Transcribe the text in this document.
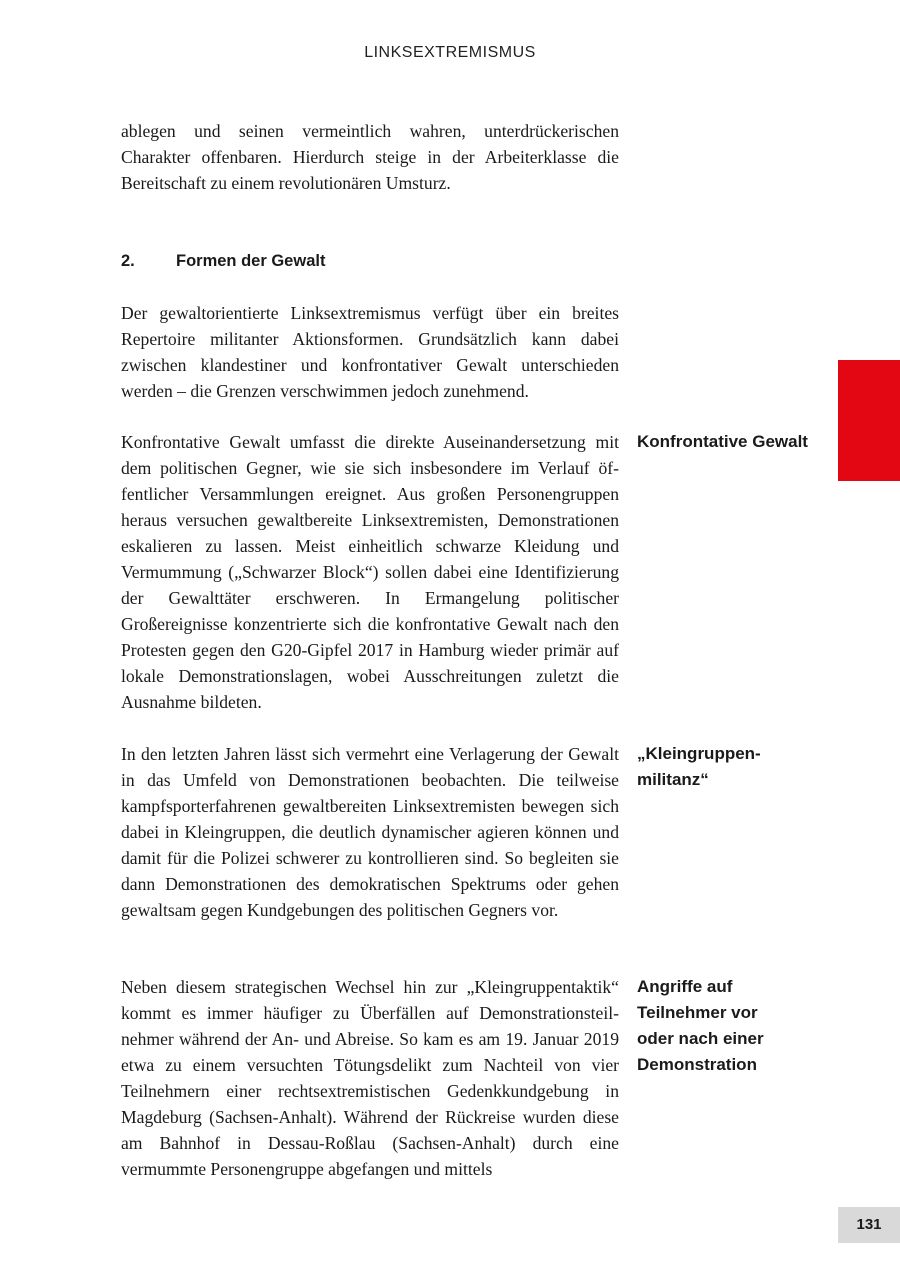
LINKSEXTREMISMUS

ablegen und seinen vermeintlich wahren, unterdrückerischen Charakter offenbaren. Hierdurch steige in der Arbeiterklasse die Bereitschaft zu einem revolutionären Umsturz.

2. Formen der Gewalt

Der gewaltorientierte Linksextremismus verfügt über ein breites Repertoire militanter Aktionsformen. Grundsätzlich kann dabei zwischen klandestiner und konfrontativer Gewalt unterschieden werden – die Grenzen verschwimmen jedoch zunehmend.

Konfrontative Gewalt umfasst die direkte Auseinandersetzung mit dem politischen Gegner, wie sie sich insbesondere im Verlauf öffentlicher Versammlungen ereignet. Aus großen Personengruppen heraus versuchen gewaltbereite Linksextremisten, Demonstrationen eskalieren zu lassen. Meist einheitlich schwarze Kleidung und Vermummung („Schwarzer Block“) sollen dabei eine Identifizierung der Gewalttäter erschweren. In Ermangelung politischer Großereignisse konzentrierte sich die konfrontative Gewalt nach den Protesten gegen den G20-Gipfel 2017 in Hamburg wieder primär auf lokale Demonstrationslagen, wobei Ausschreitungen zuletzt die Ausnahme bildeten.

Konfrontative Gewalt

In den letzten Jahren lässt sich vermehrt eine Verlagerung der Gewalt in das Umfeld von Demonstrationen beobachten. Die teilweise kampfsporterfahrenen gewaltbereiten Linksextremisten bewegen sich dabei in Kleingruppen, die deutlich dynamischer agieren können und damit für die Polizei schwerer zu kontrollieren sind. So begleiten sie dann Demonstrationen des demokratischen Spektrums oder gehen gewaltsam gegen Kundgebungen des politischen Gegners vor.

„Kleingruppen-militanz“

Neben diesem strategischen Wechsel hin zur „Kleingruppentaktik“ kommt es immer häufiger zu Überfällen auf Demonstrationsteilnehmer während der An- und Abreise. So kam es am 19. Januar 2019 etwa zu einem versuchten Tötungsdelikt zum Nachteil von vier Teilnehmern einer rechtsextremistischen Gedenkkundgebung in Magdeburg (Sachsen-Anhalt). Während der Rückreise wurden diese am Bahnhof in Dessau-Roßlau (Sachsen-Anhalt) durch eine vermummte Personengruppe abgefangen und mittels

Angriffe auf Teilnehmer vor oder nach einer Demonstration

131
